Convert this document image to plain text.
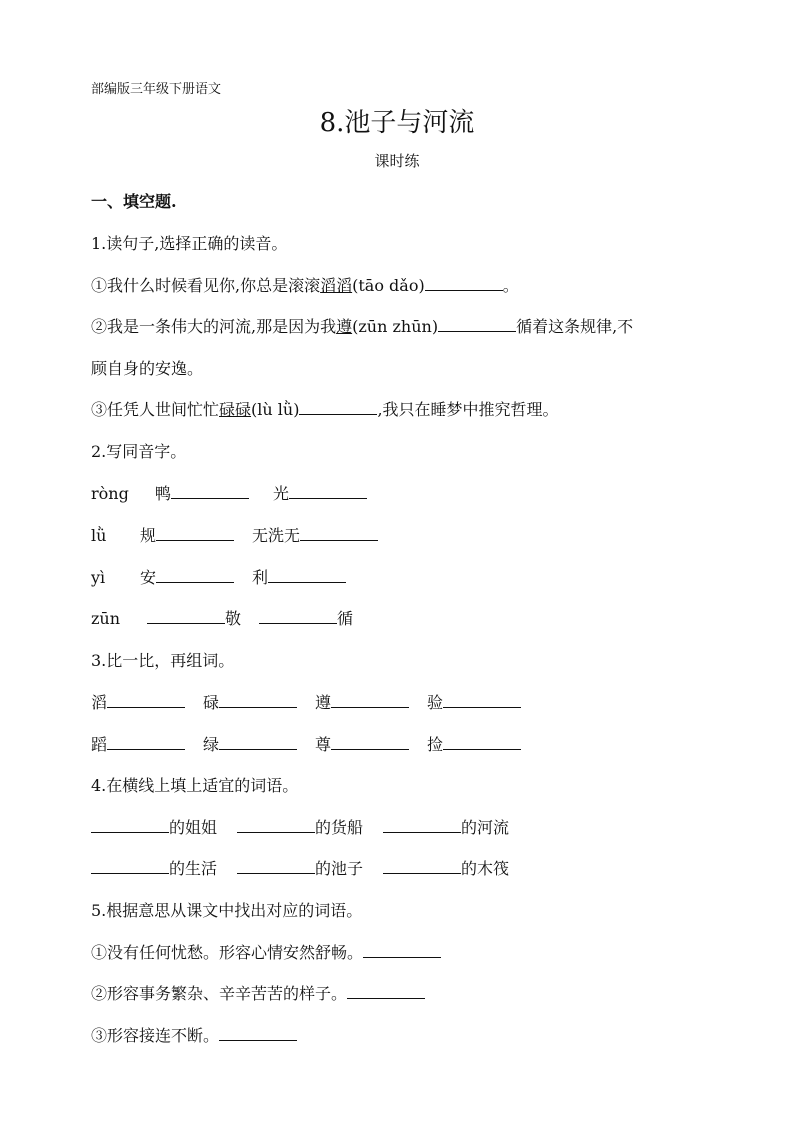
部编版三年级下册语文
8.池子与河流
课时练
一、填空题.
1.读句子,选择正确的读音。
①我什么时候看见你,你总是滚滚滔滔(tāo dǎo)	。
②我是一条伟大的河流,那是因为我遵(zūn zhūn)	循着这条规律,不
顾自身的安逸。
③任凭人世间忙忙碌碌(lù lǜ)	,我只在睡梦中推究哲理。
2.写同音字。
ròng 鸭	光
lǜ 规	无洗无
yì 安	利
zūn	敬	循
3.比一比，再组词。
滔	碌	遵	验
蹈	绿	尊	捡
4.在横线上填上适宜的词语。
的姐姐	的货船	的河流
的生活	的池子	的木筏
5.根据意思从课文中找出对应的词语。
①没有任何忧愁。形容心情安然舒畅。
②形容事务繁杂、辛辛苦苦的样子。
③形容接连不断。
